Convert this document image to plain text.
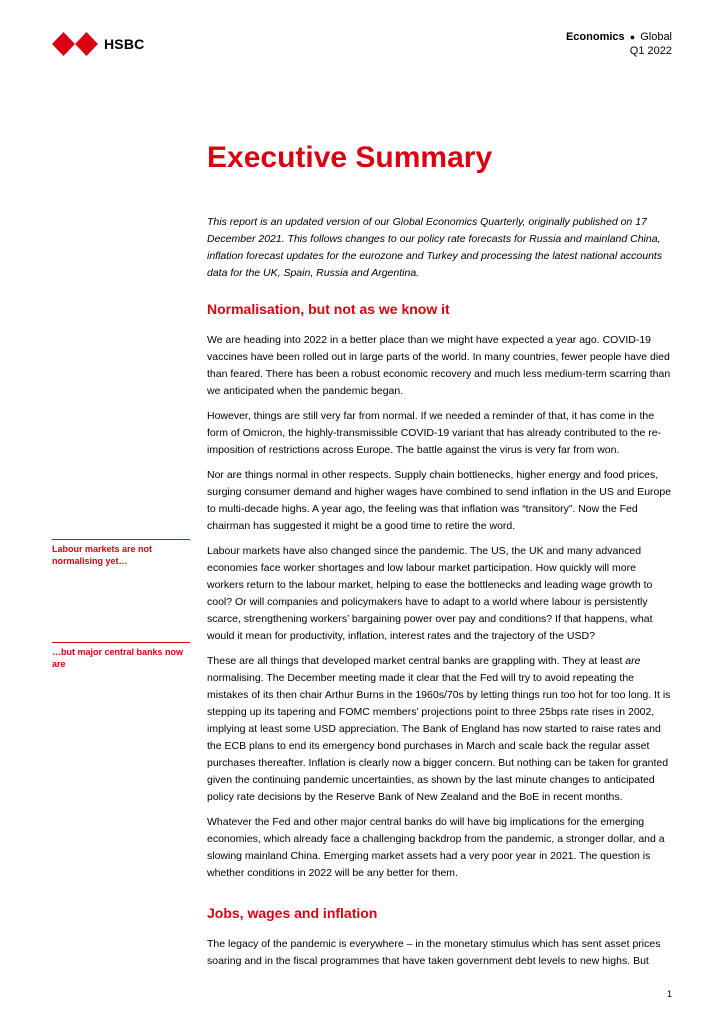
HSBC	Economics ● Global
Q1 2022
Executive Summary
Labour markets are not normalising yet…
…but major central banks now are

This report is an updated version of our Global Economics Quarterly, originally published on 17 December 2021. This follows changes to our policy rate forecasts for Russia and mainland China, inflation forecast updates for the eurozone and Turkey and processing the latest national accounts data for the UK, Spain, Russia and Argentina.

Normalisation, but not as we know it

We are heading into 2022 in a better place than we might have expected a year ago. COVID-19 vaccines have been rolled out in large parts of the world. In many countries, fewer people have died than feared. There has been a robust economic recovery and much less medium-term scarring than we anticipated when the pandemic began.

However, things are still very far from normal. If we needed a reminder of that, it has come in the form of Omicron, the highly-transmissible COVID-19 variant that has already contributed to the re-imposition of restrictions across Europe. The battle against the virus is very far from won.

Nor are things normal in other respects. Supply chain bottlenecks, higher energy and food prices, surging consumer demand and higher wages have combined to send inflation in the US and Europe to multi-decade highs. A year ago, the feeling was that inflation was “transitory”. Now the Fed chairman has suggested it might be a good time to retire the word.

Labour markets have also changed since the pandemic. The US, the UK and many advanced economies face worker shortages and low labour market participation. How quickly will more workers return to the labour market, helping to ease the bottlenecks and leading wage growth to cool? Or will companies and policymakers have to adapt to a world where labour is persistently scarce, strengthening workers’ bargaining power over pay and conditions? If that happens, what would it mean for productivity, inflation, interest rates and the trajectory of the USD?

These are all things that developed market central banks are grappling with. They at least are normalising. The December meeting made it clear that the Fed will try to avoid repeating the mistakes of its then chair Arthur Burns in the 1960s/70s by letting things run too hot for too long. It is stepping up its tapering and FOMC members’ projections point to three 25bps rate rises in 2002, implying at least some USD appreciation. The Bank of England has now started to raise rates and the ECB plans to end its emergency bond purchases in March and scale back the regular asset purchases thereafter. Inflation is clearly now a bigger concern. But nothing can be taken for granted given the continuing pandemic uncertainties, as shown by the last minute changes to anticipated policy rate decisions by the Reserve Bank of New Zealand and the BoE in recent months.

Whatever the Fed and other major central banks do will have big implications for the emerging economies, which already face a challenging backdrop from the pandemic, a stronger dollar, and a slowing mainland China. Emerging market assets had a very poor year in 2021. The question is whether conditions in 2022 will be any better for them.

Jobs, wages and inflation

The legacy of the pandemic is everywhere – in the monetary stimulus which has sent asset prices soaring and in the fiscal programmes that have taken government debt levels to new highs. But

1
